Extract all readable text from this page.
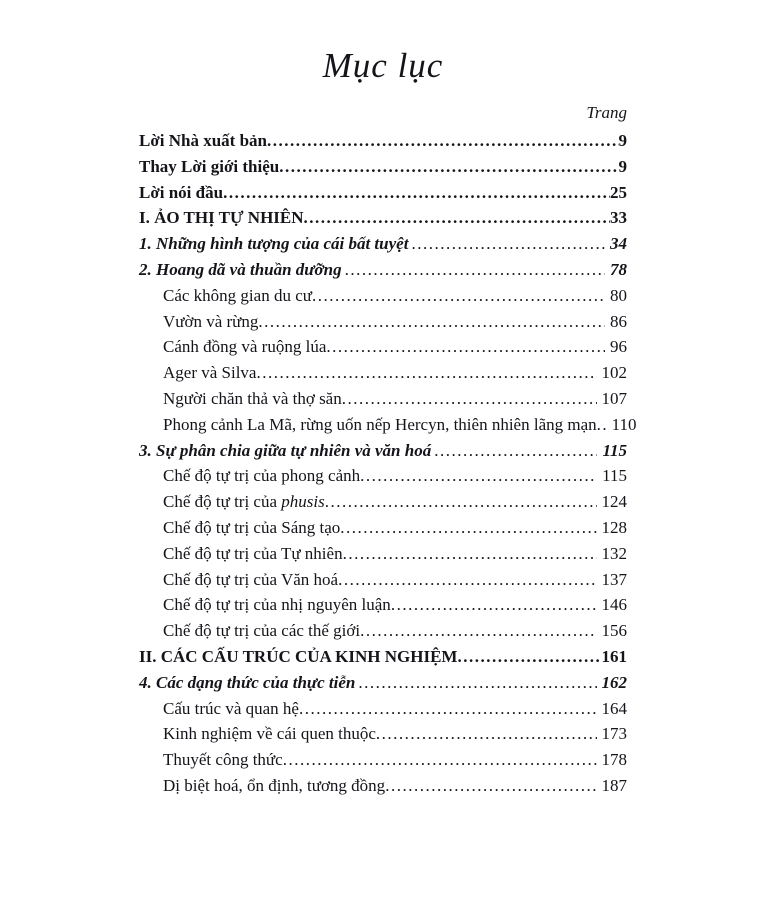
Mục lục
Trang
Lời Nhà xuất bản .....	9
Thay Lời giới thiệu .....	9
Lời nói đầu .....	25
I. ẢO THỊ TỰ NHIÊN .....	33
1. Những hình tượng của cái bất tuyệt .....	34
2. Hoang dã và thuần dưỡng .....	78
Các không gian du cư .....	80
Vườn và rừng .....	86
Cánh đồng và ruộng lúa .....	96
Ager và Silva .....	102
Người chăn thả và thợ săn .....	107
Phong cảnh La Mã, rừng uốn nếp Hercyn, thiên nhiên lãng mạn ..... 110
3. Sự phân chia giữa tự nhiên và văn hoá .....	115
Chế độ tự trị của phong cảnh .....	115
Chế độ tự trị của phusis .....	124
Chế độ tự trị của Sáng tạo .....	128
Chế độ tự trị của Tự nhiên .....	132
Chế độ tự trị của Văn hoá .....	137
Chế độ tự trị của nhị nguyên luận .....	146
Chế độ tự trị của các thế giới .....	156
II. CÁC CẤU TRÚC CỦA KINH NGHIỆM .....	161
4. Các dạng thức của thực tiễn .....	162
Cấu trúc và quan hệ .....	164
Kinh nghiệm về cái quen thuộc .....	173
Thuyết công thức .....	178
Dị biệt hoá, ổn định, tương đồng .....	187
